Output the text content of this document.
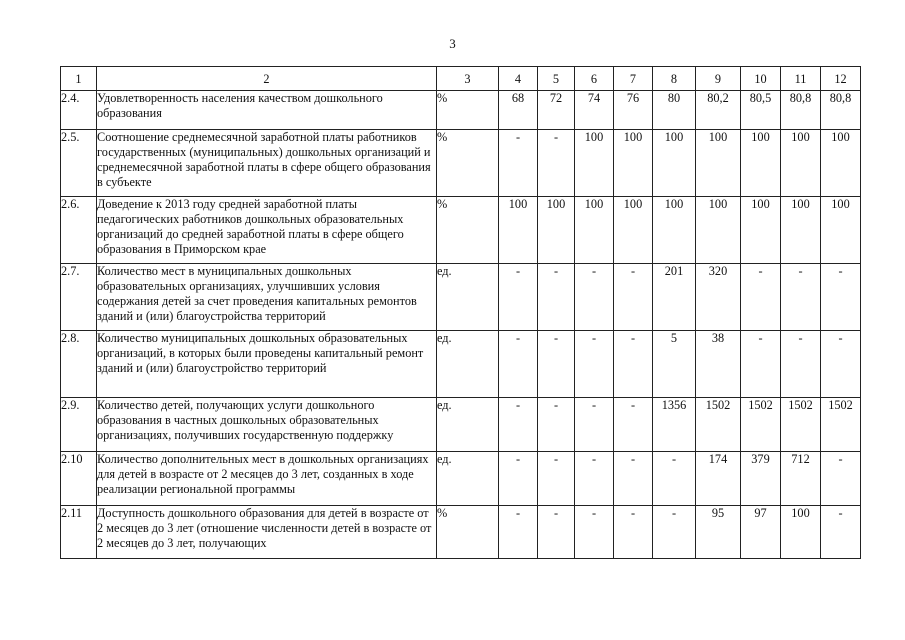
3
1	2	3	4	5	6	7	8	9	10	11	12
2.4.	Удовлетворенность населения качеством дошкольного образования	%	68	72	74	76	80	80,2	80,5	80,8	80,8
2.5.	Соотношение среднемесячной заработной платы работников государственных (муниципальных) дошкольных организаций и среднемесячной заработной платы в сфере общего образования в субъекте	%	-	-	100	100	100	100	100	100	100
2.6.	Доведение к 2013 году средней заработной платы педагогических работников дошкольных образовательных организаций до средней заработной платы в сфере общего образования в Приморском крае	%	100	100	100	100	100	100	100	100	100
2.7.	Количество мест в муниципальных дошкольных образовательных организациях, улучшивших условия содержания детей за счет проведения капитальных ремонтов зданий и (или) благоустройства территорий	ед.	-	-	-	-	201	320	-	-	-
2.8.	Количество муниципальных дошкольных образовательных организаций, в которых были проведены капитальный ремонт зданий и (или) благоустройство территорий	ед.	-	-	-	-	5	38	-	-	-
2.9.	Количество детей, получающих услуги дошкольного образования в частных дошкольных образовательных организациях, получивших государственную поддержку	ед.	-	-	-	-	1356	1502	1502	1502	1502
2.10	Количество дополнительных мест в дошкольных организациях для детей в возрасте от 2 месяцев до 3 лет, созданных в ходе реализации региональной программы	ед.	-	-	-	-	-	174	379	712	-
2.11	Доступность дошкольного образования для детей в возрасте от 2 месяцев до 3 лет (отношение численности детей в возрасте от 2 месяцев до 3 лет, получающих	%	-	-	-	-	-	95	97	100	-
